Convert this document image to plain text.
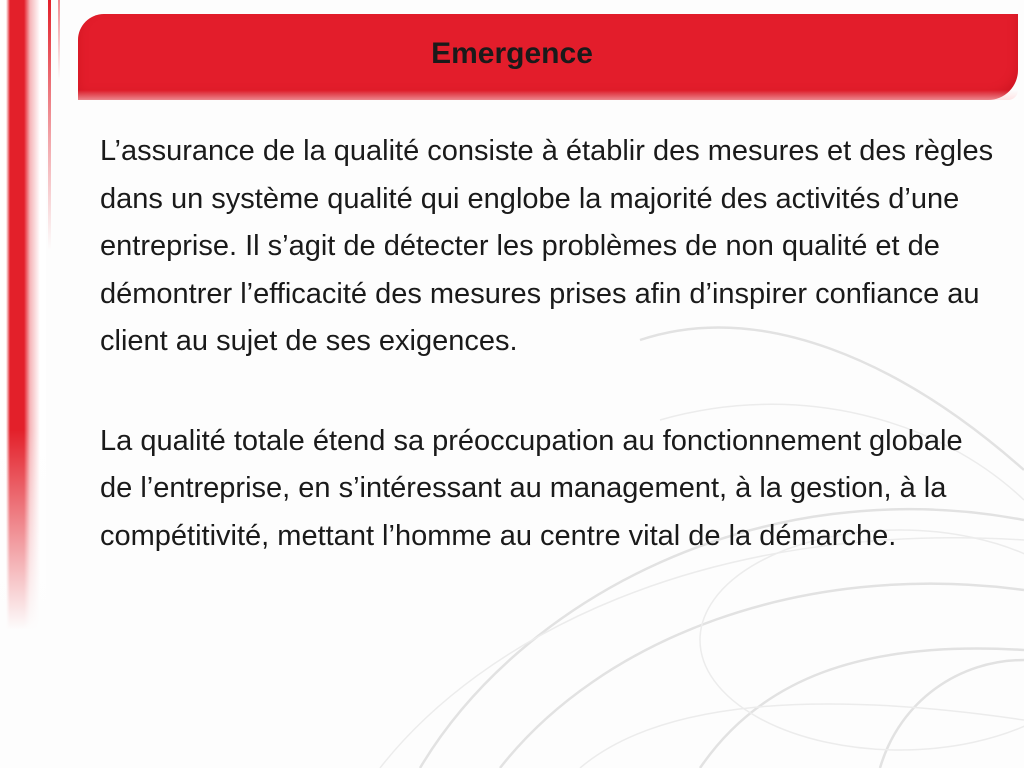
Emergence

L’assurance de la qualité consiste à établir des mesures et des règles dans un système qualité qui englobe la majorité des activités d’une entreprise. Il s’agit de détecter les problèmes de non qualité et de démontrer l’efficacité des mesures prises afin d’inspirer confiance au client au sujet de ses exigences.

La qualité totale étend sa préoccupation au fonctionnement globale de l’entreprise, en s’intéressant au management, à la gestion, à la compétitivité, mettant l’homme au centre vital de la démarche.
